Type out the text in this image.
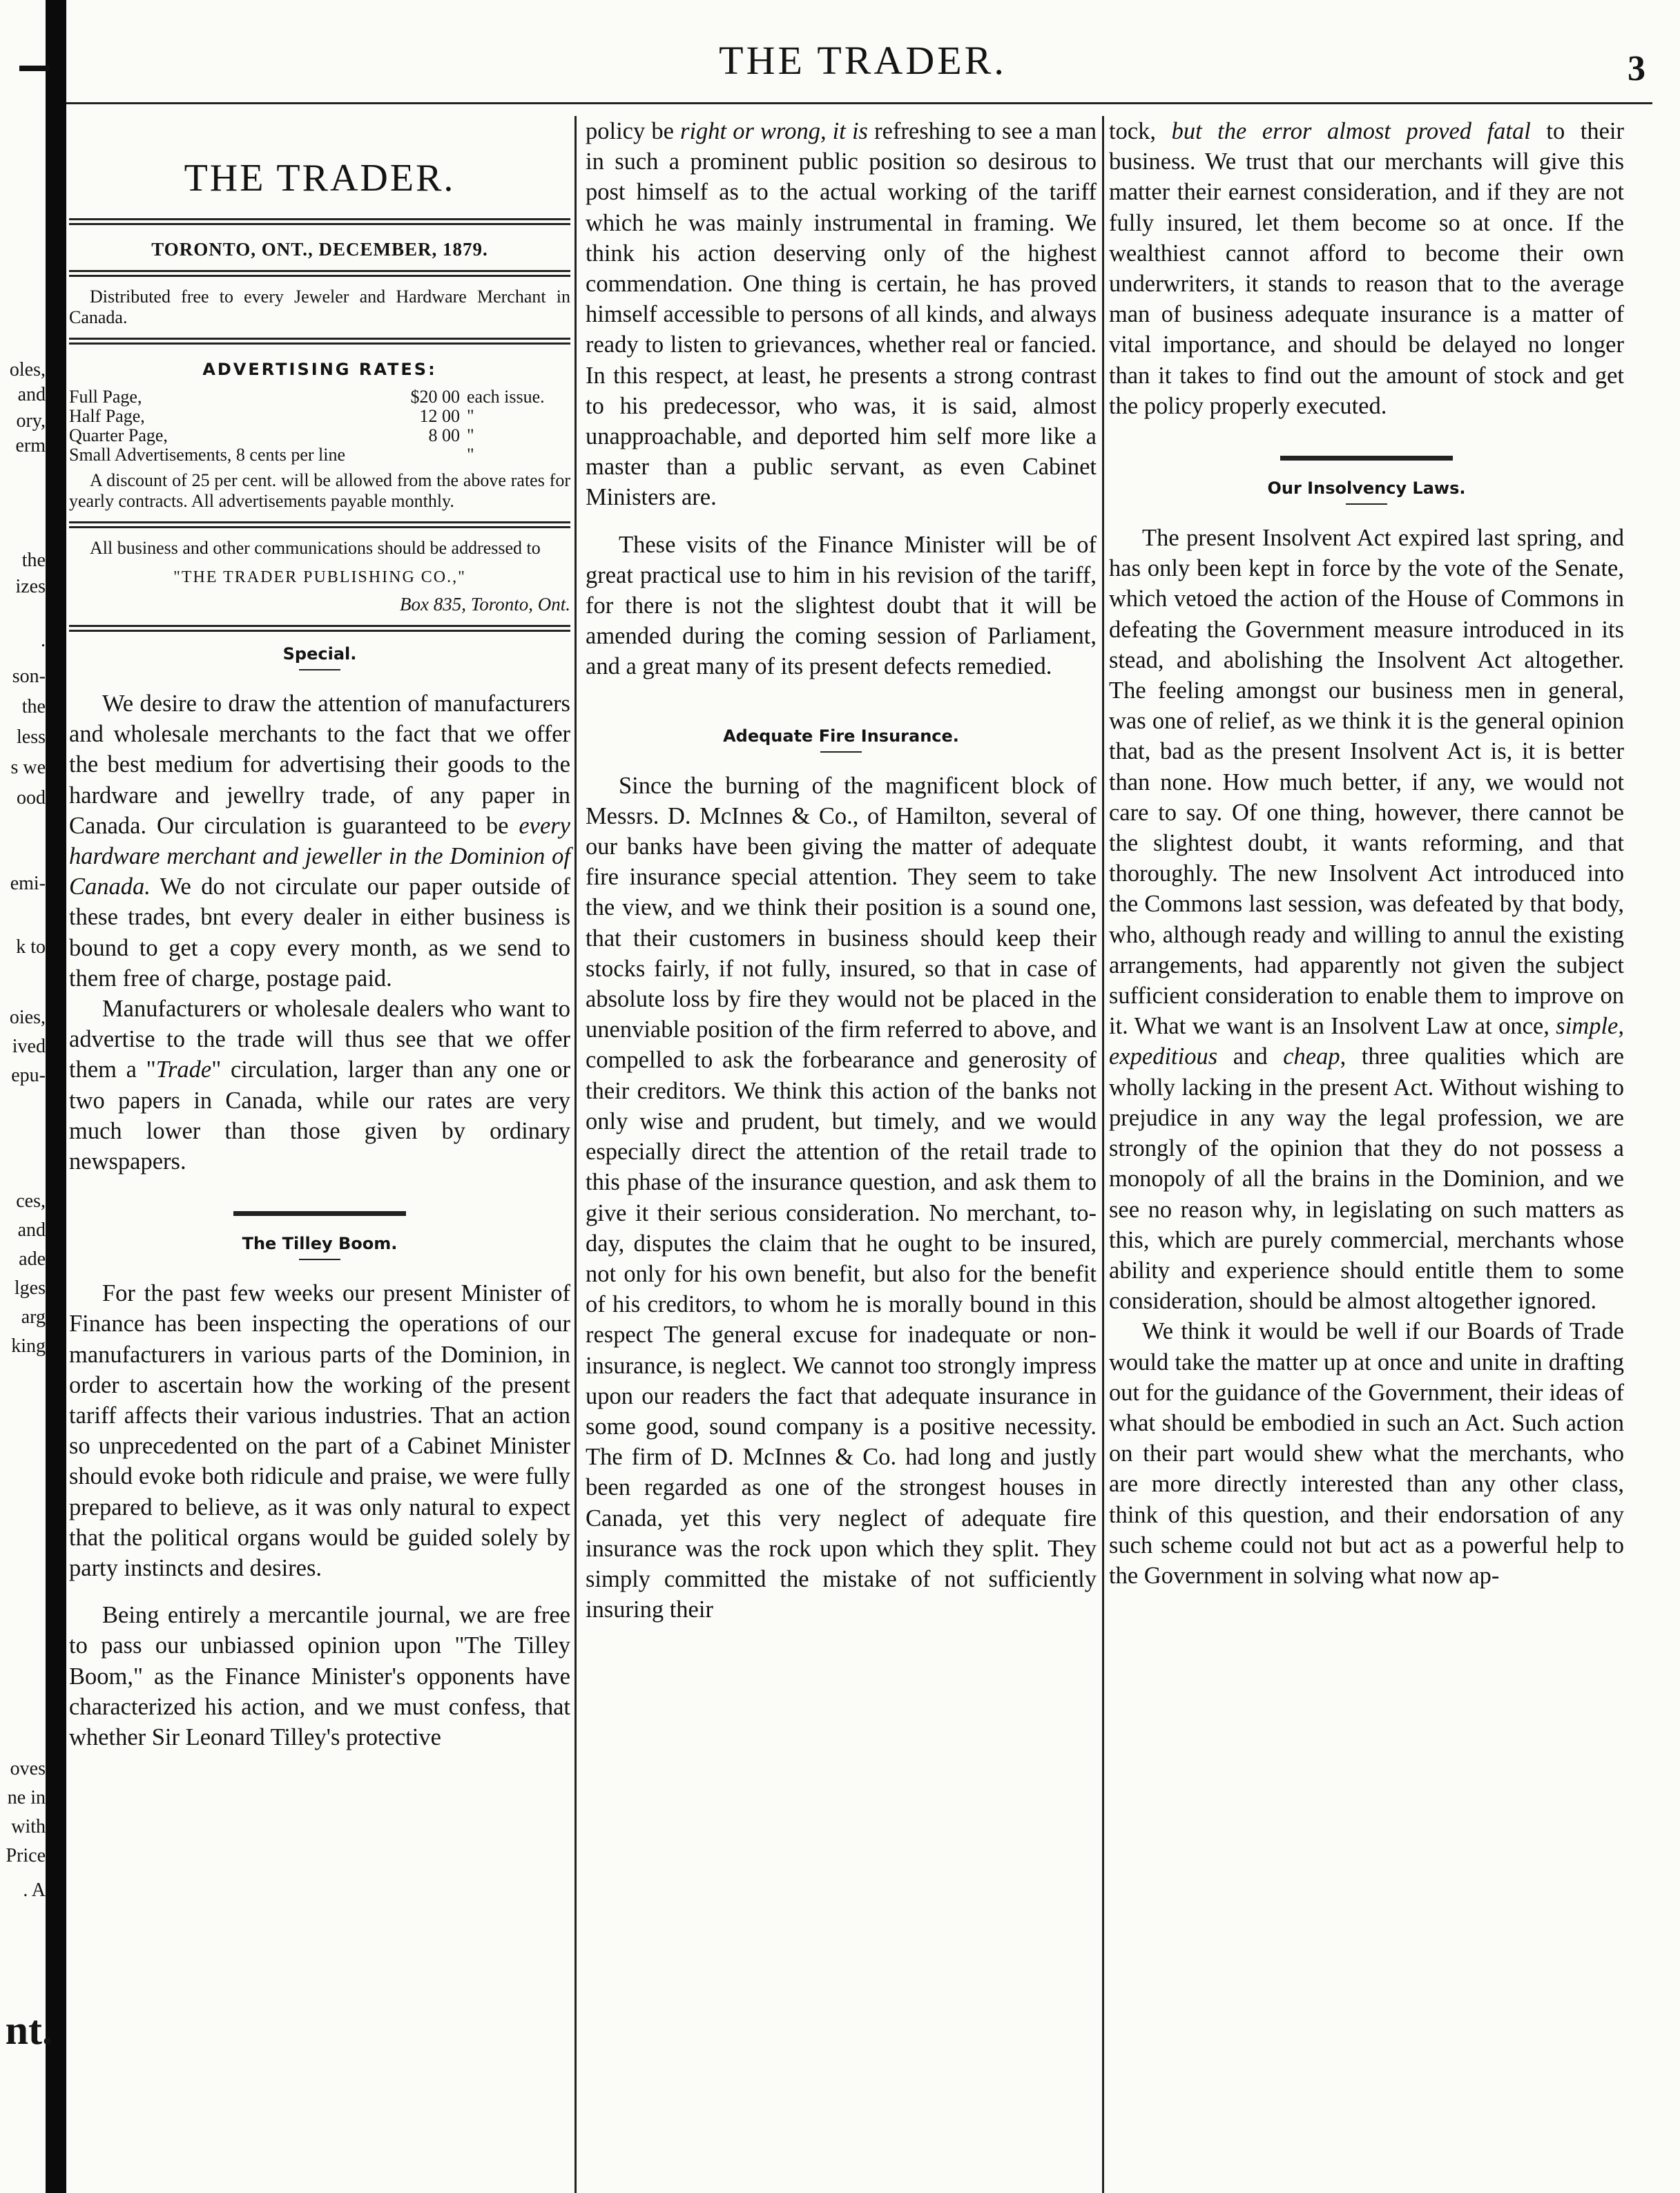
oles,
and
ory,
erm
the
izes
.
son-
the
less
s we
ood
emi-
k to
oies,
ived
epu-
ces,
and
ade
lges
arg
king
oves
ne in
with
Price
. A
nt.
THE TRADER.	3
THE TRADER.
TORONTO, ONT., DECEMBER, 1879.
Distributed free to every Jeweler and Hardware Merchant in Canada.
ADVERTISING RATES:
Full Page,	$20 00	each issue.
Half Page,	12 00	"
Quarter Page,	8 00	"
Small Advertisements, 8 cents per line		"
A discount of 25 per cent. will be allowed from the above rates for yearly contracts. All advertisements payable monthly.
All business and other communications should be addressed to
"THE TRADER PUBLISHING CO.,"
Box 835, Toronto, Ont.
Special.

We desire to draw the attention of manufacturers and wholesale merchants to the fact that we offer the best medium for advertising their goods to the hardware and jewellry trade, of any paper in Canada. Our circulation is guaranteed to be every hardware merchant and jeweller in the Dominion of Canada. We do not circulate our paper outside of these trades, bnt every dealer in either business is bound to get a copy every month, as we send to them free of charge, postage paid.

Manufacturers or wholesale dealers who want to advertise to the trade will thus see that we offer them a "Trade" circulation, larger than any one or two papers in Canada, while our rates are very much lower than those given by ordinary newspapers.

The Tilley Boom.

For the past few weeks our present Minister of Finance has been inspecting the operations of our manufacturers in various parts of the Dominion, in order to ascertain how the working of the present tariff affects their various industries. That an action so unprecedented on the part of a Cabinet Minister should evoke both ridicule and praise, we were fully prepared to believe, as it was only natural to expect that the political organs would be guided solely by party instincts and desires.

Being entirely a mercantile journal, we are free to pass our unbiassed opinion upon "The Tilley Boom," as the Finance Minister's opponents have characterized his action, and we must confess, that whether Sir Leonard Tilley's protective

policy be right or wrong, it is refreshing to see a man in such a prominent public position so desirous to post himself as to the actual working of the tariff which he was mainly instrumental in framing. We think his action deserving only of the highest commendation. One thing is certain, he has proved himself accessible to persons of all kinds, and always ready to listen to grievances, whether real or fancied. In this respect, at least, he presents a strong contrast to his predecessor, who was, it is said, almost unapproachable, and deported him self more like a master than a public servant, as even Cabinet Ministers are.

These visits of the Finance Minister will be of great practical use to him in his revision of the tariff, for there is not the slightest doubt that it will be amended during the coming session of Parliament, and a great many of its present defects remedied.

Adequate Fire Insurance.

Since the burning of the magnificent block of Messrs. D. McInnes & Co., of Hamilton, several of our banks have been giving the matter of adequate fire insurance special attention. They seem to take the view, and we think their position is a sound one, that their customers in business should keep their stocks fairly, if not fully, insured, so that in case of absolute loss by fire they would not be placed in the unenviable position of the firm referred to above, and compelled to ask the forbearance and generosity of their creditors. We think this action of the banks not only wise and prudent, but timely, and we would especially direct the attention of the retail trade to this phase of the insurance question, and ask them to give it their serious consideration. No merchant, to-day, disputes the claim that he ought to be insured, not only for his own benefit, but also for the benefit of his creditors, to whom he is morally bound in this respect The general excuse for inadequate or non-insurance, is neglect. We cannot too strongly impress upon our readers the fact that adequate insurance in some good, sound company is a positive necessity. The firm of D. McInnes & Co. had long and justly been regarded as one of the strongest houses in Canada, yet this very neglect of adequate fire insurance was the rock upon which they split. They simply committed the mistake of not sufficiently insuring their

tock, but the error almost proved fatal to their business. We trust that our merchants will give this matter their earnest consideration, and if they are not fully insured, let them become so at once. If the wealthiest cannot afford to become their own underwriters, it stands to reason that to the average man of business adequate insurance is a matter of vital importance, and should be delayed no longer than it takes to find out the amount of stock and get the policy properly executed.

Our Insolvency Laws.

The present Insolvent Act expired last spring, and has only been kept in force by the vote of the Senate, which vetoed the action of the House of Commons in defeating the Government measure introduced in its stead, and abolishing the Insolvent Act altogether. The feeling amongst our business men in general, was one of relief, as we think it is the general opinion that, bad as the present Insolvent Act is, it is better than none. How much better, if any, we would not care to say. Of one thing, however, there cannot be the slightest doubt, it wants reforming, and that thoroughly. The new Insolvent Act introduced into the Commons last session, was defeated by that body, who, although ready and willing to annul the existing arrangements, had apparently not given the subject sufficient consideration to enable them to improve on it. What we want is an Insolvent Law at once, simple, expeditious and cheap, three qualities which are wholly lacking in the present Act. Without wishing to prejudice in any way the legal profession, we are strongly of the opinion that they do not possess a monopoly of all the brains in the Dominion, and we see no reason why, in legislating on such matters as this, which are purely commercial, merchants whose ability and experience should entitle them to some consideration, should be almost altogether ignored.

We think it would be well if our Boards of Trade would take the matter up at once and unite in drafting out for the guidance of the Government, their ideas of what should be embodied in such an Act. Such action on their part would shew what the merchants, who are more directly interested than any other class, think of this question, and their endorsation of any such scheme could not but act as a powerful help to the Government in solving what now ap-
